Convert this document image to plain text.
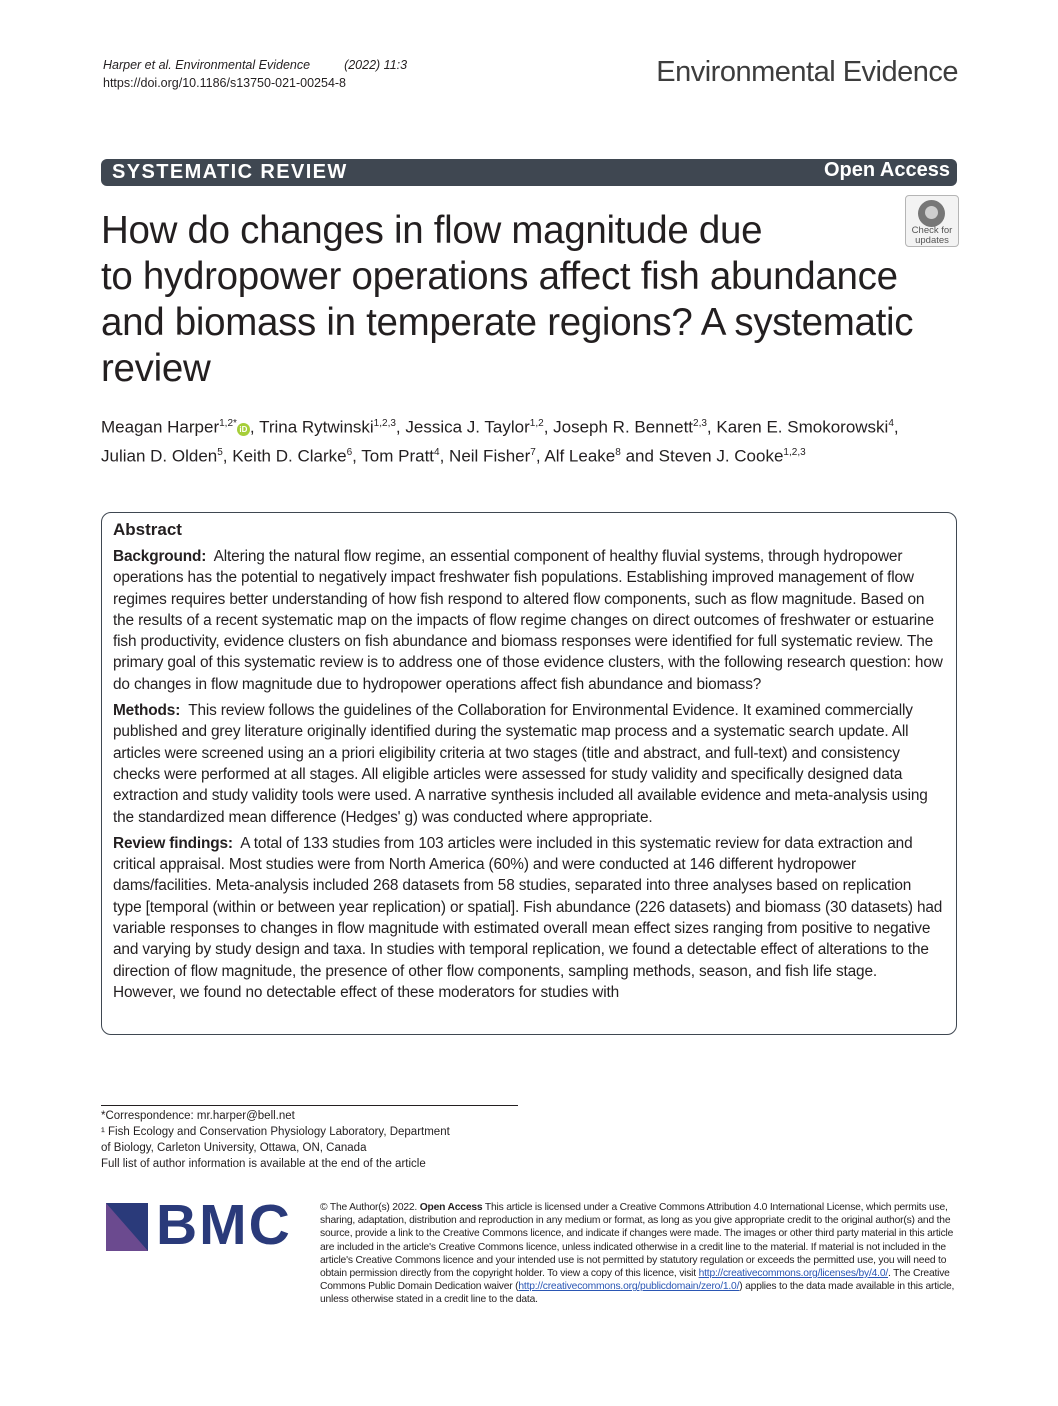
Harper et al. Environmental Evidence	(2022) 11:3
https://doi.org/10.1186/s13750-021-00254-8	Environmental Evidence
SYSTEMATIC REVIEW	Open Access
How do changes in flow magnitude due
to hydropower operations affect fish abundance
and biomass in temperate regions? A systematic
review
Check for
updates
Meagan Harper$^{1,2*}$iD , Trina Rytwinski$^{1,2,3}$, Jessica J. Taylor$^{1,2}$, Joseph R. Bennett$^{2,3}$, Karen E. Smokorowski$^4$,
Julian D. Olden$^5$, Keith D. Clarke$^6$, Tom Pratt$^4$, Neil Fisher$^7$, Alf Leake$^8$ and Steven J. Cooke$^{1,2,3}$
Abstract

Background: Altering the natural flow regime, an essential component of healthy fluvial systems, through hydropower operations has the potential to negatively impact freshwater fish populations. Establishing improved management of flow regimes requires better understanding of how fish respond to altered flow components, such as flow magnitude. Based on the results of a recent systematic map on the impacts of flow regime changes on direct outcomes of freshwater or estuarine fish productivity, evidence clusters on fish abundance and biomass responses were identified for full systematic review. The primary goal of this systematic review is to address one of those evidence clusters, with the following research question: how do changes in flow magnitude due to hydropower operations affect fish abundance and biomass?

Methods: This review follows the guidelines of the Collaboration for Environmental Evidence. It examined commercially published and grey literature originally identified during the systematic map process and a systematic search update. All articles were screened using an a priori eligibility criteria at two stages (title and abstract, and full-text) and consistency checks were performed at all stages. All eligible articles were assessed for study validity and specifically designed data extraction and study validity tools were used. A narrative synthesis included all available evidence and meta-analysis using the standardized mean difference (Hedges' g) was conducted where appropriate.

Review findings: A total of 133 studies from 103 articles were included in this systematic review for data extraction and critical appraisal. Most studies were from North America (60%) and were conducted at 146 different hydropower dams/facilities. Meta-analysis included 268 datasets from 58 studies, separated into three analyses based on replication type [temporal (within or between year replication) or spatial]. Fish abundance (226 datasets) and biomass (30 datasets) had variable responses to changes in flow magnitude with estimated overall mean effect sizes ranging from positive to negative and varying by study design and taxa. In studies with temporal replication, we found a detectable effect of alterations to the direction of flow magnitude, the presence of other flow components, sampling methods, season, and fish life stage. However, we found no detectable effect of these moderators for studies with

*Correspondence: mr.harper@bell.net
¹ Fish Ecology and Conservation Physiology Laboratory, Department
of Biology, Carleton University, Ottawa, ON, Canada
Full list of author information is available at the end of the article
BMC	© The Author(s) 2022. Open Access This article is licensed under a Creative Commons Attribution 4.0 International License, which permits use, sharing, adaptation, distribution and reproduction in any medium or format, as long as you give appropriate credit to the original author(s) and the source, provide a link to the Creative Commons licence, and indicate if changes were made. The images or other third party material in this article are included in the article's Creative Commons licence, unless indicated otherwise in a credit line to the material. If material is not included in the article's Creative Commons licence and your intended use is not permitted by statutory regulation or exceeds the permitted use, you will need to obtain permission directly from the copyright holder. To view a copy of this licence, visit http://creativecommons.org/licenses/by/4.0/. The Creative Commons Public Domain Dedication waiver (http://creativecommons.org/publicdomain/zero/1.0/) applies to the data made available in this article, unless otherwise stated in a credit line to the data.
